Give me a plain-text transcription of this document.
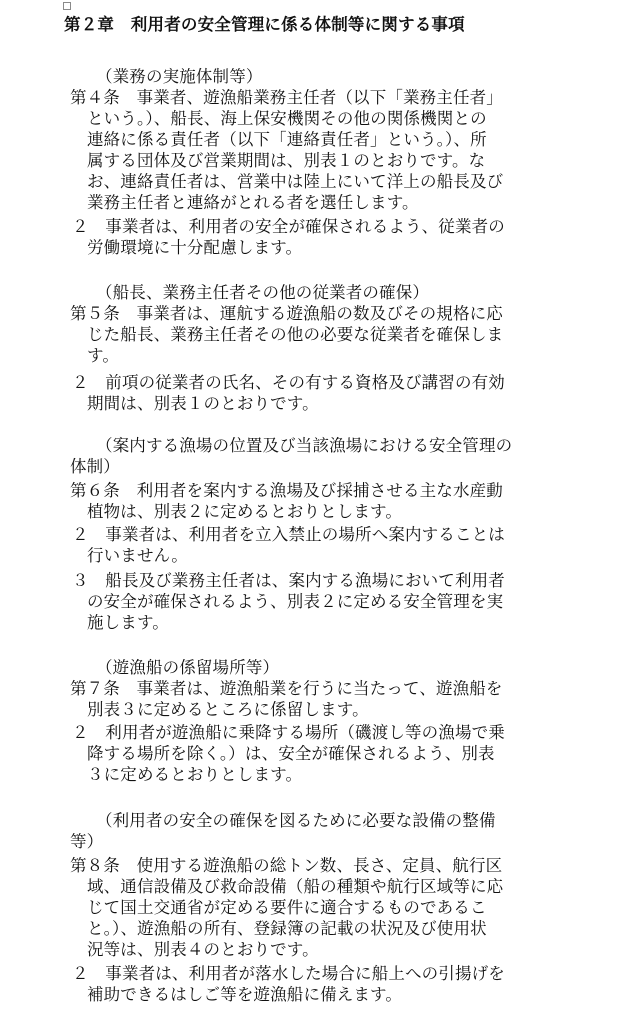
第２章　利用者の安全管理に係る体制等に関する事項
（業務の実施体制等）
第４条　事業者、遊漁船業務主任者（以下「業務主任者」
という。）、船長、海上保安機関その他の関係機関との
連絡に係る責任者（以下「連絡責任者」という。）、所
属する団体及び営業期間は、別表１のとおりです。な
お、連絡責任者は、営業中は陸上にいて洋上の船長及び
業務主任者と連絡がとれる者を選任します。
２　事業者は、利用者の安全が確保されるよう、従業者の
労働環境に十分配慮します。
（船長、業務主任者その他の従業者の確保）
第５条　事業者は、運航する遊漁船の数及びその規格に応
じた船長、業務主任者その他の必要な従業者を確保しま
す。
２　前項の従業者の氏名、その有する資格及び講習の有効
期間は、別表１のとおりです。
（案内する漁場の位置及び当該漁場における安全管理の
体制）
第６条　利用者を案内する漁場及び採捕させる主な水産動
植物は、別表２に定めるとおりとします。
２　事業者は、利用者を立入禁止の場所へ案内することは
行いません。
３　船長及び業務主任者は、案内する漁場において利用者
の安全が確保されるよう、別表２に定める安全管理を実
施します。
（遊漁船の係留場所等）
第７条　事業者は、遊漁船業を行うに当たって、遊漁船を
別表３に定めるところに係留します。
２　利用者が遊漁船に乗降する場所（磯渡し等の漁場で乗
降する場所を除く。）は、安全が確保されるよう、別表
３に定めるとおりとします。
（利用者の安全の確保を図るために必要な設備の整備
等）
第８条　使用する遊漁船の総トン数、長さ、定員、航行区
域、通信設備及び救命設備（船の種類や航行区域等に応
じて国土交通省が定める要件に適合するものであるこ
と。）、遊漁船の所有、登録簿の記載の状況及び使用状
況等は、別表４のとおりです。
２　事業者は、利用者が落水した場合に船上への引揚げを
補助できるはしご等を遊漁船に備えます。
